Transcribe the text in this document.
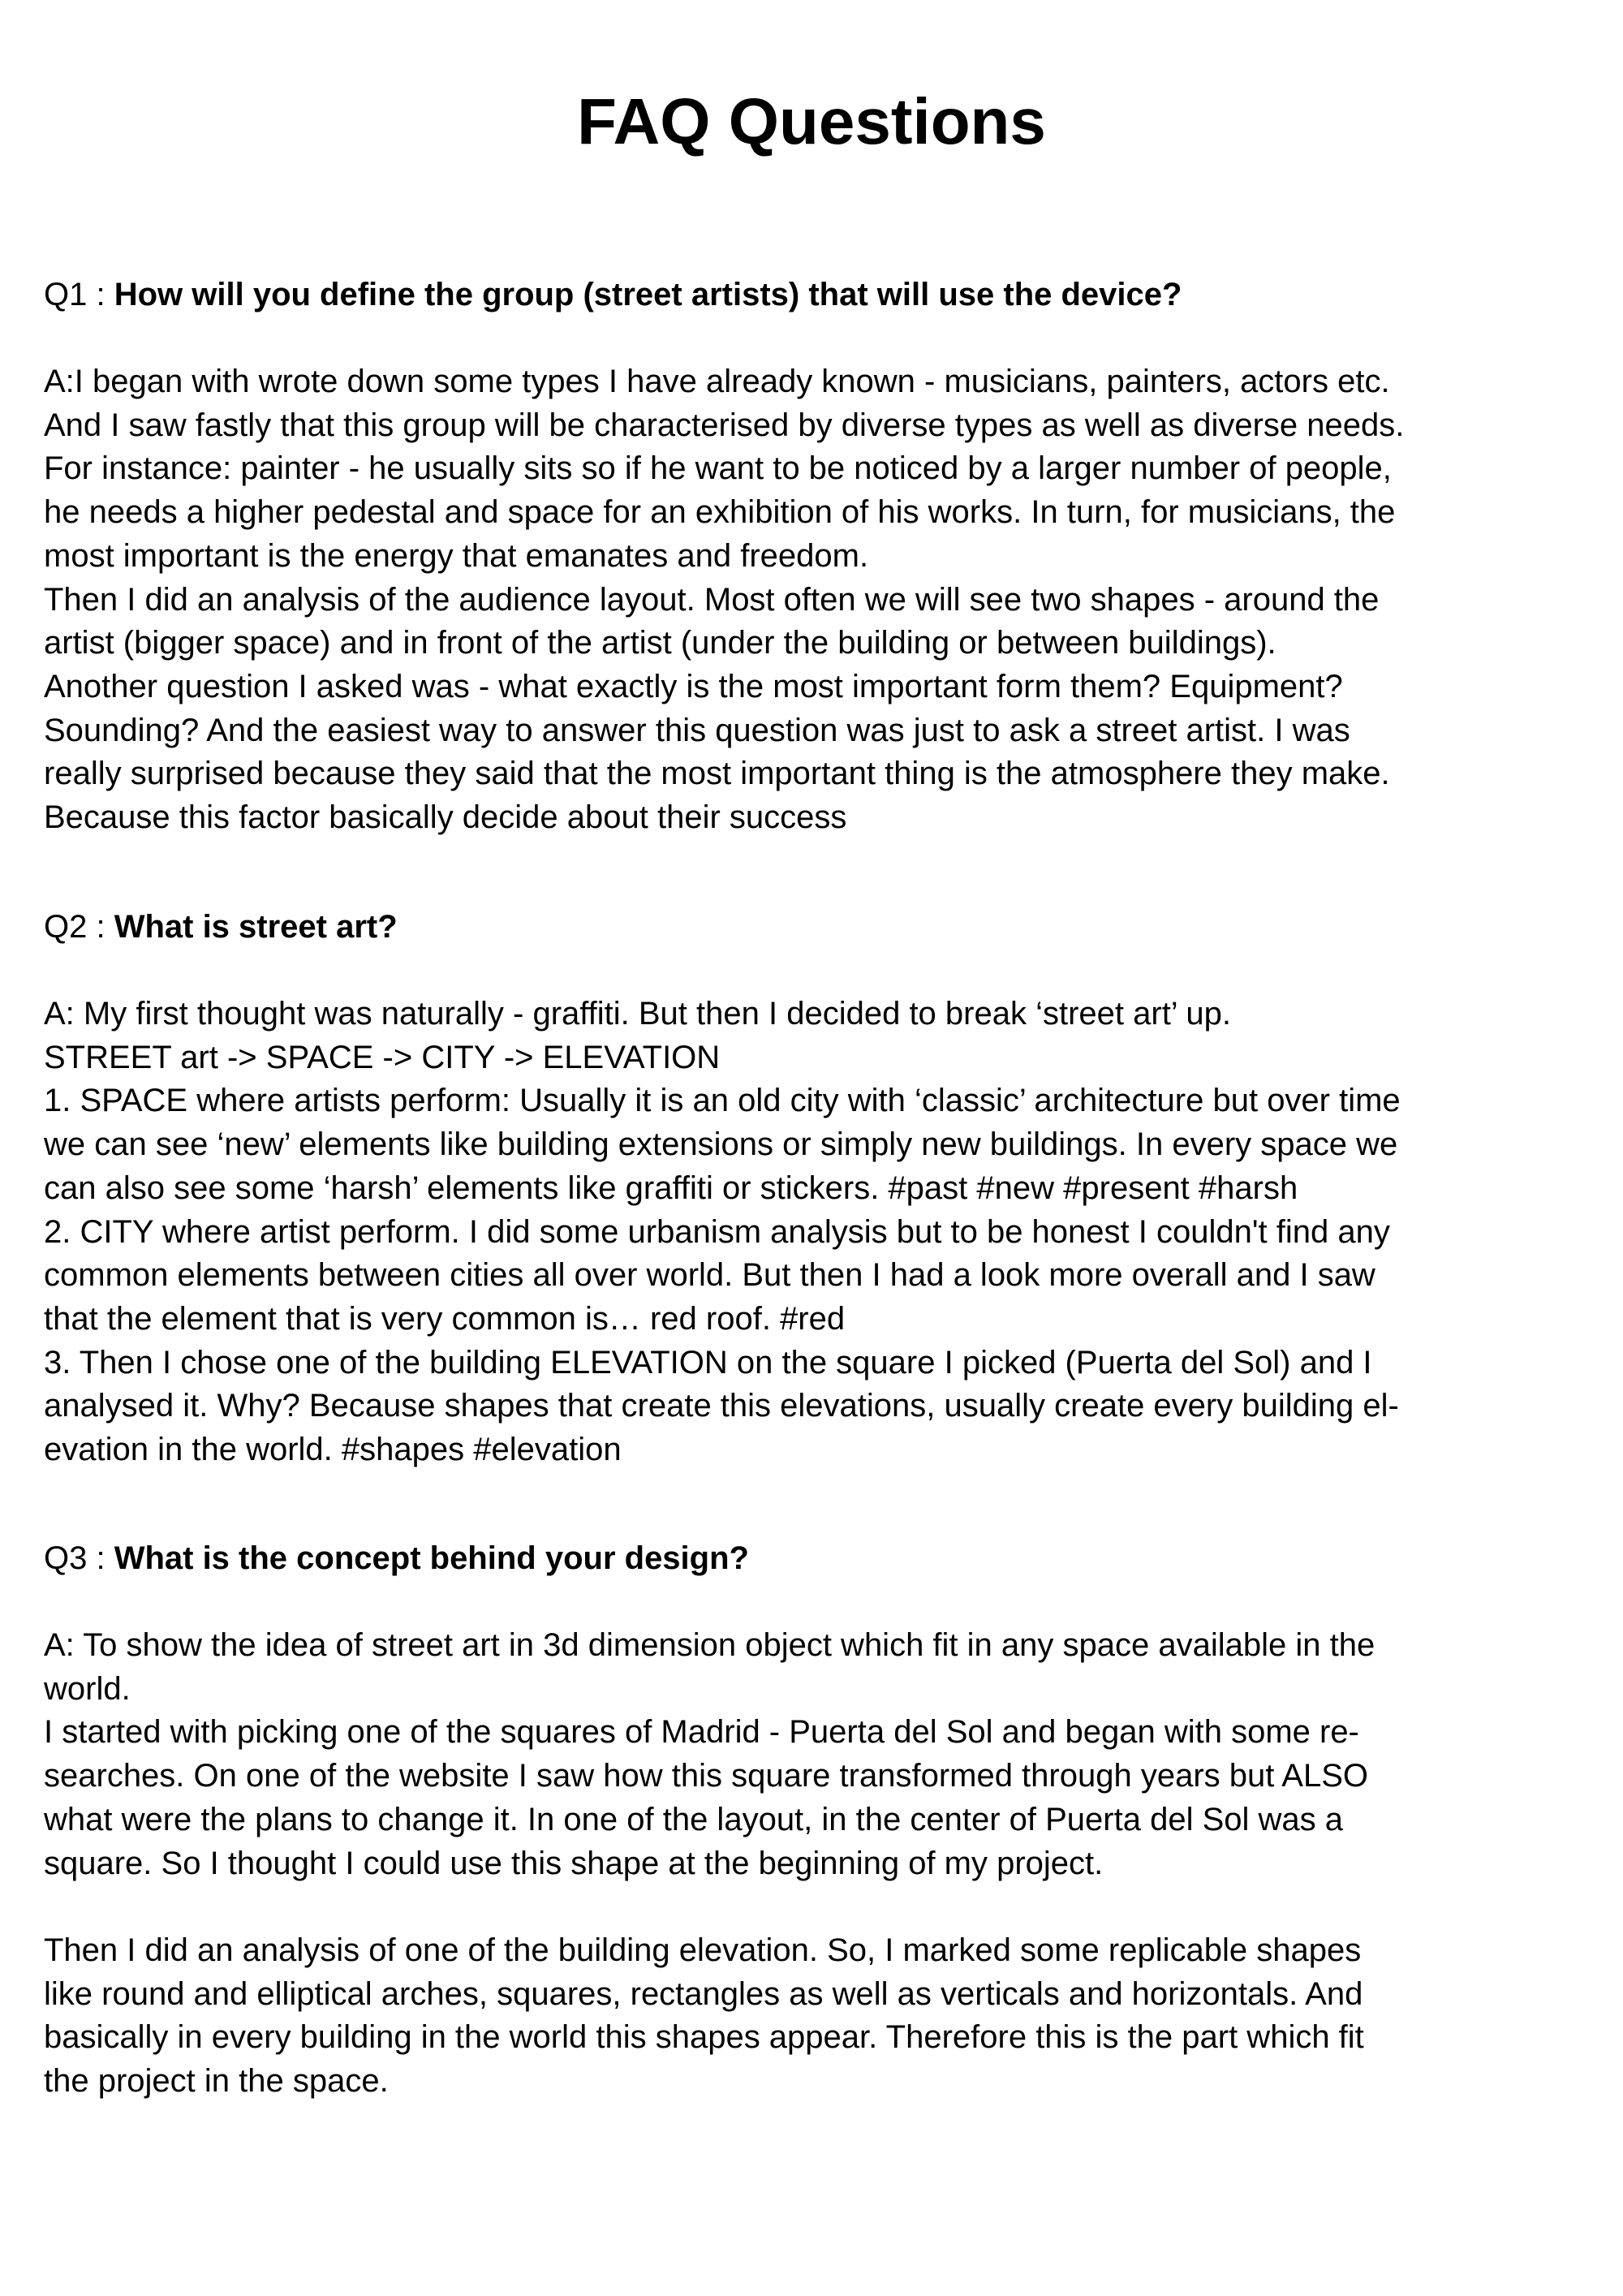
FAQ Questions

Q1 : How will you define the group (street artists) that will use the device?

A:I began with wrote down some types I have already known - musicians, painters, actors etc.
And I saw fastly that this group will be characterised by diverse types as well as diverse needs.
For instance: painter - he usually sits so if he want to be noticed by a larger number of people,
he needs a higher pedestal and space for an exhibition of his works. In turn, for musicians, the
most important is the energy that emanates and freedom.
Then I did an analysis of the audience layout. Most often we will see two shapes - around the
artist (bigger space) and in front of the artist (under the building or between buildings).
Another question I asked was - what exactly is the most important form them? Equipment?
Sounding? And the easiest way to answer this question was just to ask a street artist. I was
really surprised because they said that the most important thing is the atmosphere they make.
Because this factor basically decide about their success

Q2 : What is street art?

A: My first thought was naturally - graffiti. But then I decided to break ‘street art’ up.
STREET art -> SPACE -> CITY -> ELEVATION
1. SPACE where artists perform: Usually it is an old city with ‘classic’ architecture but over time
we can see ‘new’ elements like building extensions or simply new buildings. In every space we
can also see some ‘harsh’ elements like graffiti or stickers. #past #new #present #harsh
2. CITY where artist perform. I did some urbanism analysis but to be honest I couldn't find any
common elements between cities all over world. But then I had a look more overall and I saw
that the element that is very common is… red roof. #red
3. Then I chose one of the building ELEVATION on the square I picked (Puerta del Sol) and I
analysed it. Why? Because shapes that create this elevations, usually create every building el-
evation in the world. #shapes #elevation

Q3 : What is the concept behind your design?

A: To show the idea of street art in 3d dimension object which fit in any space available in the
world.
I started with picking one of the squares of Madrid - Puerta del Sol and began with some re-
searches. On one of the website I saw how this square transformed through years but ALSO
what were the plans to change it. In one of the layout, in the center of Puerta del Sol was a
square. So I thought I could use this shape at the beginning of my project.
Then I did an analysis of one of the building elevation. So, I marked some replicable shapes
like round and elliptical arches, squares, rectangles as well as verticals and horizontals. And
basically in every building in the world this shapes appear. Therefore this is the part which fit
the project in the space.
